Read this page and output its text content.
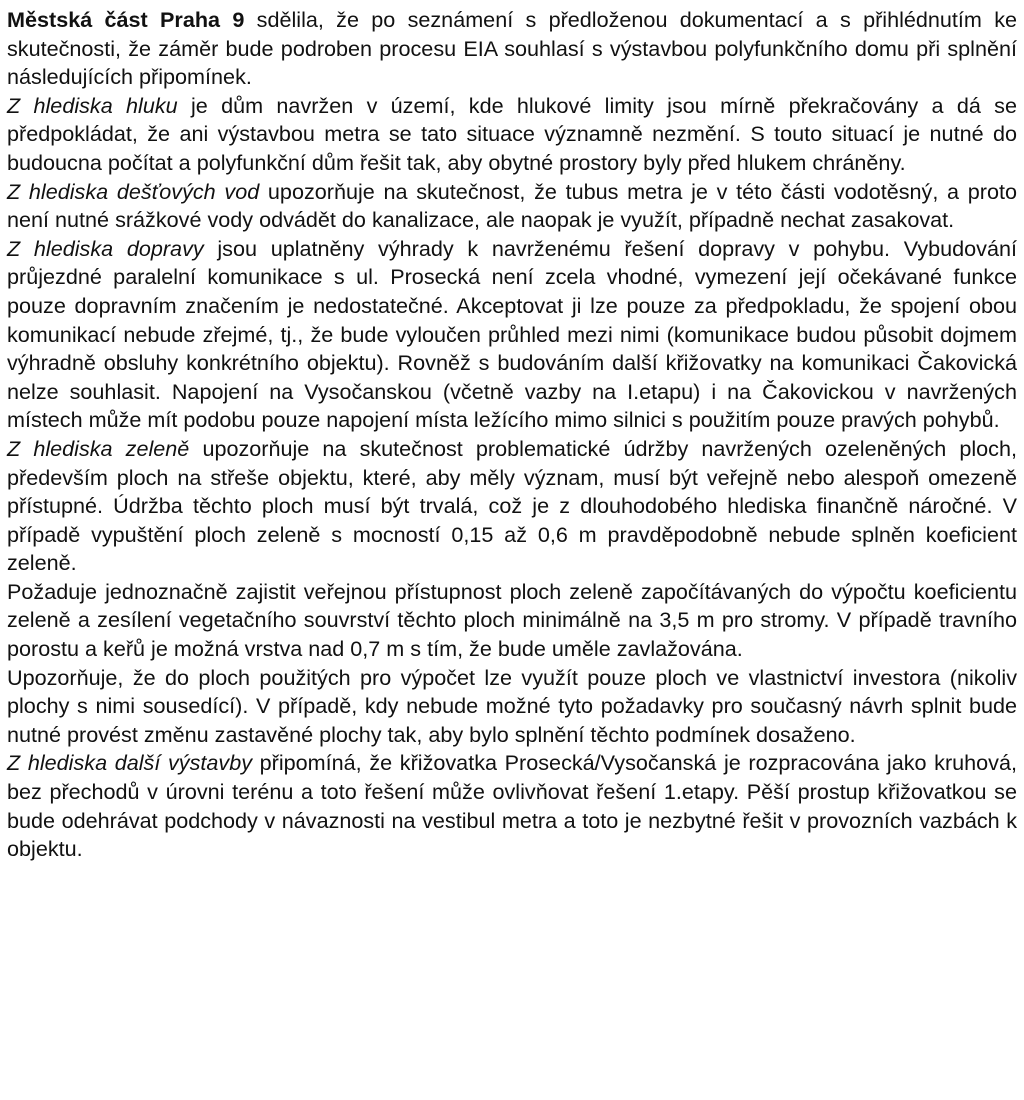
Městská část Praha 9 sdělila, že po seznámení s předloženou dokumentací a s přihlédnutím ke skutečnosti, že záměr bude podroben procesu EIA souhlasí s výstavbou polyfunkčního domu při splnění následujících připomínek.

Z hlediska hluku je dům navržen v území, kde hlukové limity jsou mírně překračovány a dá se předpokládat, že ani výstavbou metra se tato situace významně nezmění. S touto situací je nutné do budoucna počítat a polyfunkční dům řešit tak, aby obytné prostory byly před hlukem chráněny.

Z hlediska dešťových vod upozorňuje na skutečnost, že tubus metra je v této části vodotěsný, a proto není nutné srážkové vody odvádět do kanalizace, ale naopak je využít, případně nechat zasakovat.

Z hlediska dopravy jsou uplatněny výhrady k navrženému řešení dopravy v pohybu. Vybudování průjezdné paralelní komunikace s ul. Prosecká není zcela vhodné, vymezení její očekávané funkce pouze dopravním značením je nedostatečné. Akceptovat ji lze pouze za předpokladu, že spojení obou komunikací nebude zřejmé, tj., že bude vyloučen průhled mezi nimi (komunikace budou působit dojmem výhradně obsluhy konkrétního objektu). Rovněž s budováním další křižovatky na komunikaci Čakovická nelze souhlasit. Napojení na Vysočanskou (včetně vazby na I.etapu) i na Čakovickou v navržených místech může mít podobu pouze napojení místa ležícího mimo silnici s použitím pouze pravých pohybů.

Z hlediska zeleně upozorňuje na skutečnost problematické údržby navržených ozeleněných ploch, především ploch na střeše objektu, které, aby měly význam, musí být veřejně nebo alespoň omezeně přístupné. Údržba těchto ploch musí být trvalá, což je z dlouhodobého hlediska finančně náročné. V případě vypuštění ploch zeleně s mocností 0,15 až 0,6 m pravděpodobně nebude splněn koeficient zeleně.

Požaduje jednoznačně zajistit veřejnou přístupnost ploch zeleně započítávaných do výpočtu koeficientu zeleně a zesílení vegetačního souvrství těchto ploch minimálně na 3,5 m pro stromy. V případě travního porostu a keřů je možná vrstva nad 0,7 m s tím, že bude uměle zavlažována.

Upozorňuje, že do ploch použitých pro výpočet lze využít pouze ploch ve vlastnictví investora (nikoliv plochy s nimi sousedící). V případě, kdy nebude možné tyto požadavky pro současný návrh splnit bude nutné provést změnu zastavěné plochy tak, aby bylo splnění těchto podmínek dosaženo.

Z hlediska další výstavby připomíná, že křižovatka Prosecká/Vysočanská je rozpracována jako kruhová, bez přechodů v úrovni terénu a toto řešení může ovlivňovat řešení 1.etapy. Pěší prostup křižovatkou se bude odehrávat podchody v návaznosti na vestibul metra a toto je nezbytné řešit v provozních vazbách k objektu.
